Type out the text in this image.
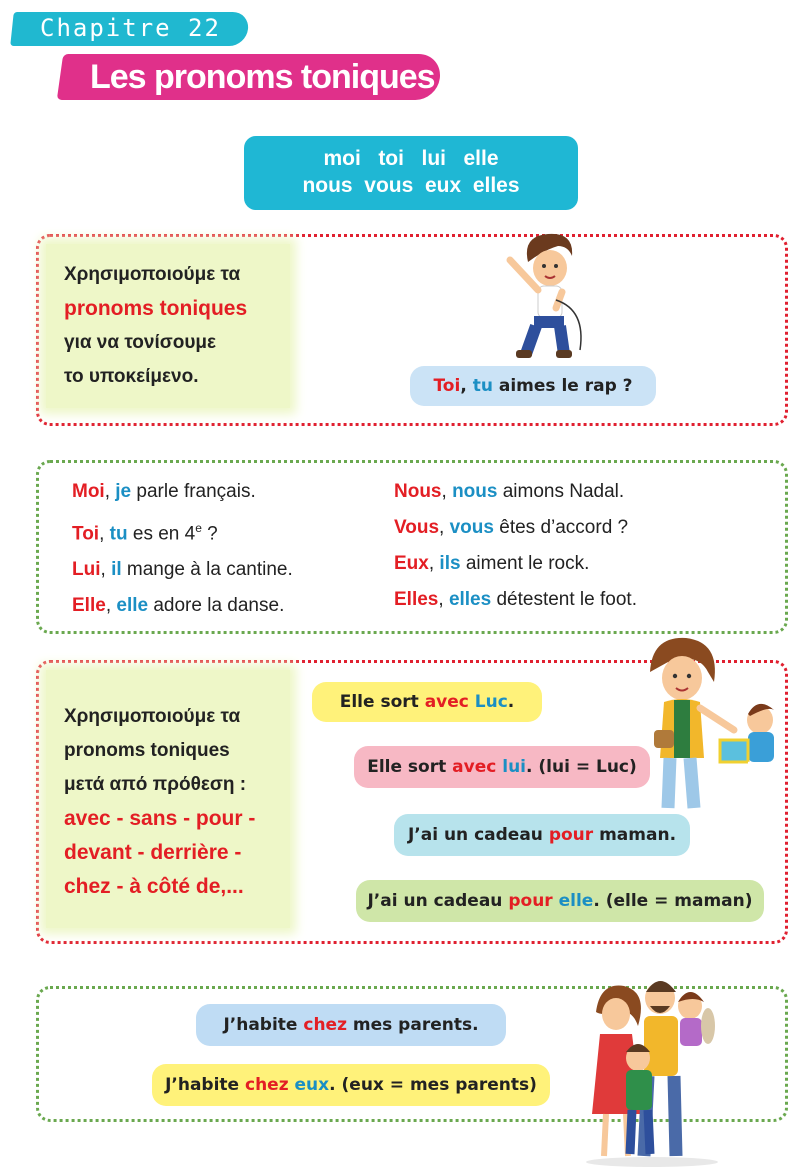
Chapitre 22
Les pronoms toniques
moi toi lui elle
nous vous eux elles
Χρησιμοποιούμε τα
pronoms toniques
για να τονίσουμε
το υποκείμενο.	Toi, tu aimes le rap ?
Moi, je parle français.
Toi, tu es en 4e ?
Lui, il mange à la cantine.
Elle, elle adore la danse.
Nous, nous aimons Nadal.
Vous, vous êtes d’accord ?
Eux, ils aiment le rock.
Elles, elles détestent le foot.
Χρησιμοποιούμε τα
pronoms toniques
μετά από πρόθεση :
avec - sans - pour -
devant - derrière -
chez - à côté de,...
Elle sort avec Luc.
Elle sort avec lui. (lui = Luc)
J’ai un cadeau pour maman.
J’ai un cadeau pour elle. (elle = maman)
J’habite chez mes parents.
J’habite chez eux. (eux = mes parents)
